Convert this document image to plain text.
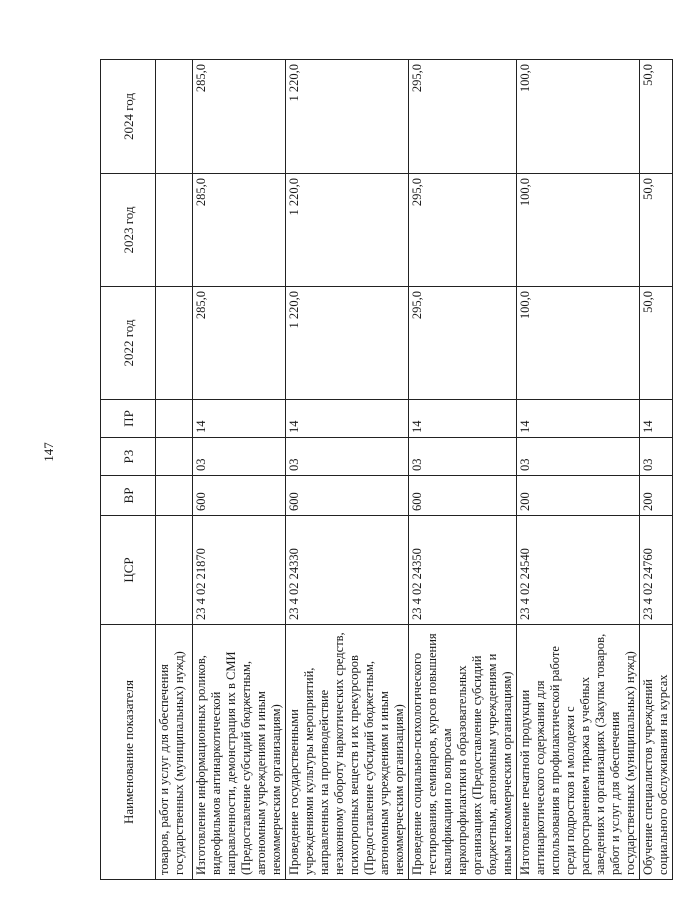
147
Наименование показателя	ЦСР	ВР	РЗ	ПР	2022 год	2023 год	2024 год
товаров, работ и услуг для обеспечения государственных (муниципальных) нужд)							
Изготовление информационных роликов, видеофильмов антинаркотической направленности, демонстрация их в СМИ (Предоставление субсидий бюджетным, автономным учреждениям и иным некоммерческим организациям)	23 4 02 21870	600	03	14	285,0	285,0	285,0
Проведение государственными учреждениями культуры мероприятий, направленных на противодействие незаконному обороту наркотических средств, психотропных веществ и их прекурсоров (Предоставление субсидий бюджетным, автономным учреждениям и иным некоммерческим организациям)	23 4 02 24330	600	03	14	1 220,0	1 220,0	1 220,0
Проведение социально-психологического тестирования, семинаров, курсов повышения квалификации по вопросам наркопрофилактики в образовательных организациях (Предоставление субсидий бюджетным, автономным учреждениям и иным некоммерческим организациям)	23 4 02 24350	600	03	14	295,0	295,0	295,0
Изготовление печатной продукции антинаркотического содержания для использования в профилактической работе среди подростков и молодежи с распространением тиража в учебных заведениях и организациях (Закупка товаров, работ и услуг для обеспечения государственных (муниципальных) нужд)	23 4 02 24540	200	03	14	100,0	100,0	100,0
Обучение специалистов учреждений социального обслуживания на курсах	23 4 02 24760	200	03	14	50,0	50,0	50,0
